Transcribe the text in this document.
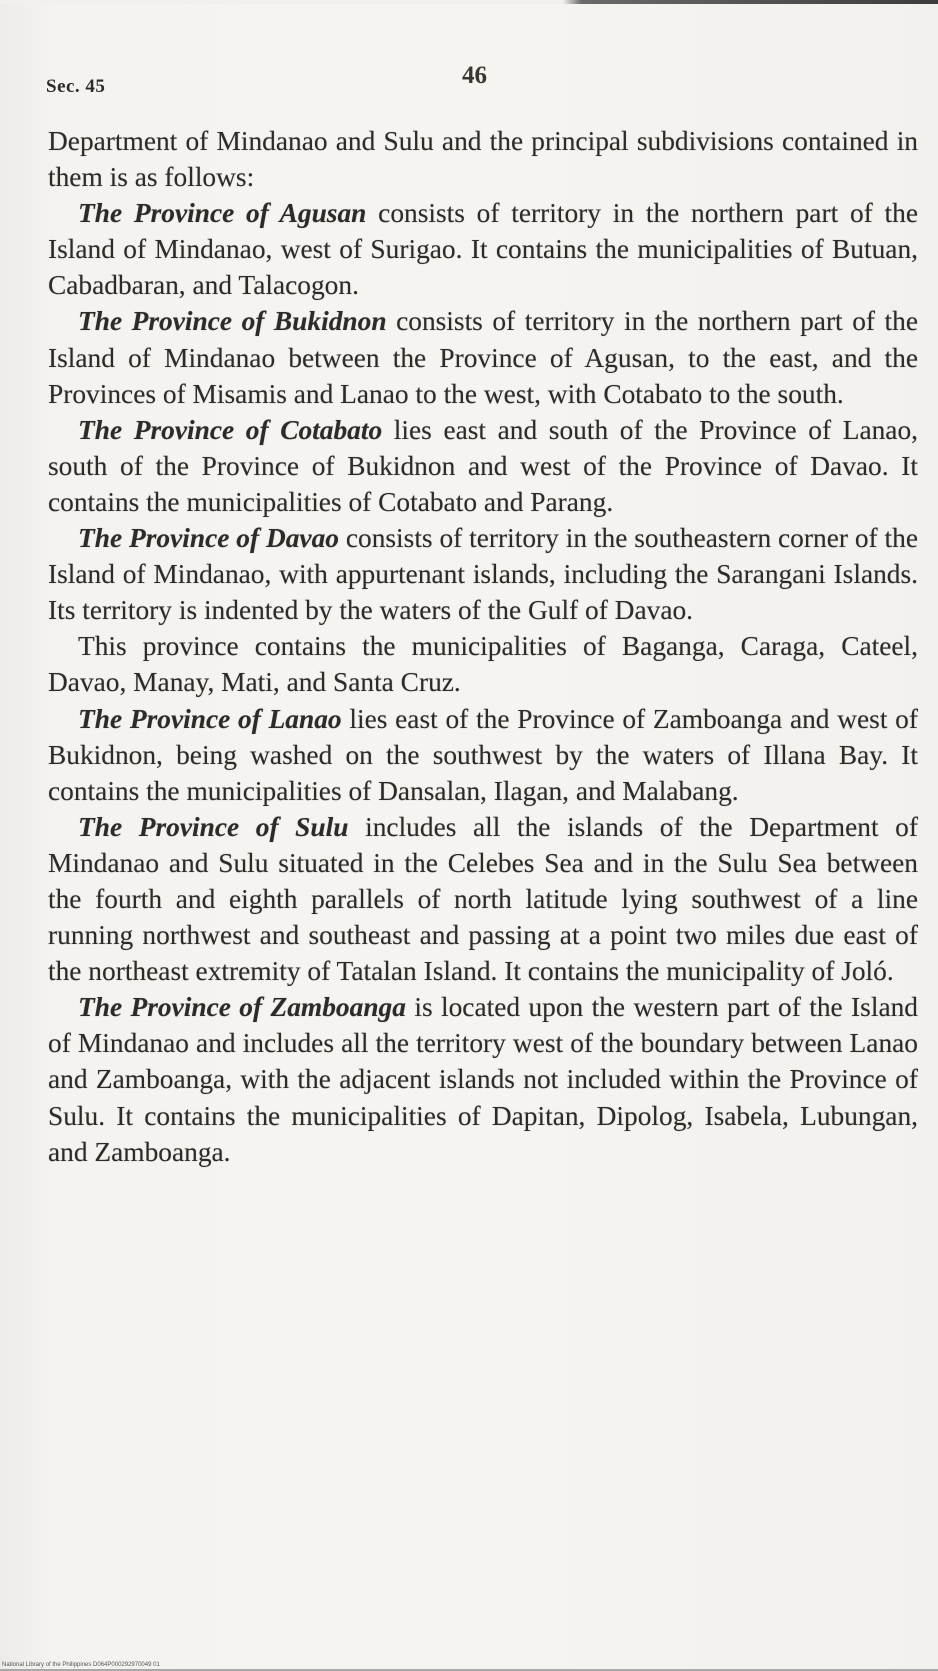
Sec. 45	46

Department of Mindanao and Sulu and the principal subdivisions contained in them is as follows:

The Province of Agusan consists of territory in the northern part of the Island of Mindanao, west of Surigao. It contains the municipalities of Butuan, Cabadbaran, and Talacogon.

The Province of Bukidnon consists of territory in the northern part of the Island of Mindanao between the Province of Agusan, to the east, and the Provinces of Misamis and Lanao to the west, with Cotabato to the south.

The Province of Cotabato lies east and south of the Province of Lanao, south of the Province of Bukidnon and west of the Province of Davao. It contains the municipalities of Cotabato and Parang.

The Province of Davao consists of territory in the southeastern corner of the Island of Mindanao, with appurtenant islands, including the Sarangani Islands. Its territory is indented by the waters of the Gulf of Davao.

This province contains the municipalities of Baganga, Caraga, Cateel, Davao, Manay, Mati, and Santa Cruz.

The Province of Lanao lies east of the Province of Zamboanga and west of Bukidnon, being washed on the southwest by the waters of Illana Bay. It contains the municipalities of Dansalan, Ilagan, and Malabang.

The Province of Sulu includes all the islands of the Department of Mindanao and Sulu situated in the Celebes Sea and in the Sulu Sea between the fourth and eighth parallels of north latitude lying southwest of a line running northwest and southeast and passing at a point two miles due east of the northeast extremity of Tatalan Island. It contains the municipality of Joló.

The Province of Zamboanga is located upon the western part of the Island of Mindanao and includes all the territory west of the boundary between Lanao and Zamboanga, with the adjacent islands not included within the Province of Sulu. It contains the municipalities of Dapitan, Dipolog, Isabela, Lubungan, and Zamboanga.

National Library of the Philippines D064P000292970049 01
